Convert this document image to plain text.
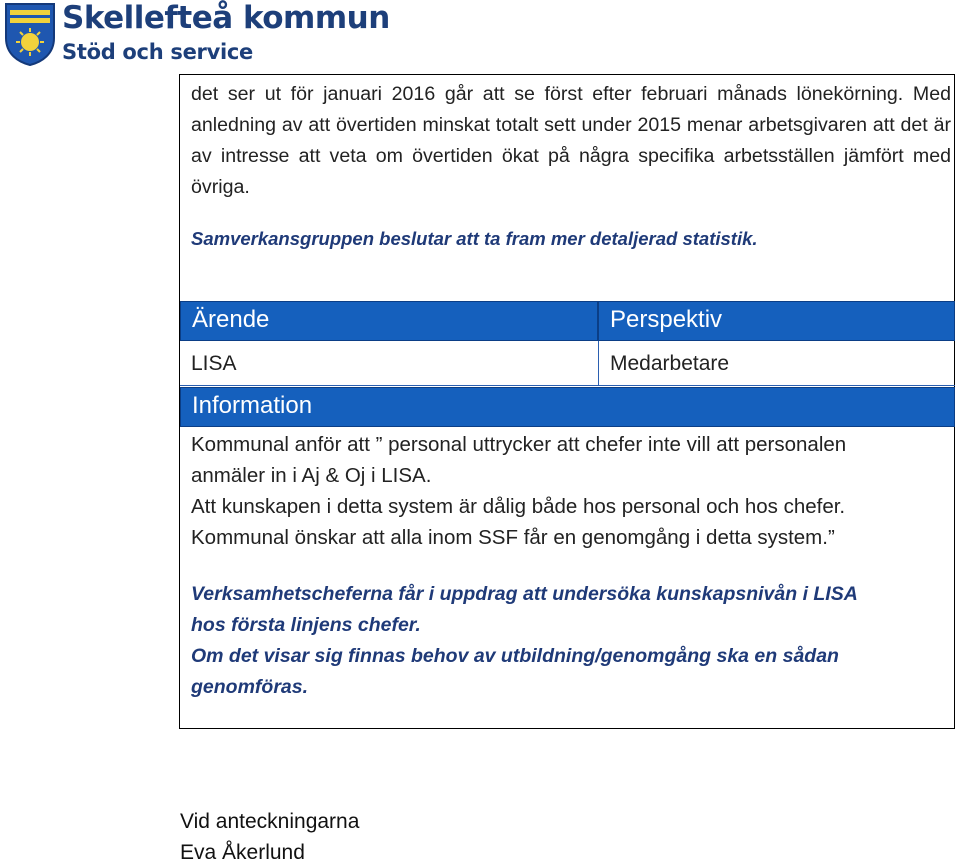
Skellefteå kommun
Stöd och service

det ser ut för januari 2016 går att se först efter februari månads lönekörning. Med anledning av att övertiden minskat totalt sett under 2015 menar arbetsgivaren att det är av intresse att veta om övertiden ökat på några specifika arbetsställen jämfört med övriga.

Samverkansgruppen beslutar att ta fram mer detaljerad statistik.
Ärende	Perspektiv
LISA	Medarbetare
Information
Kommunal anför att ” personal uttrycker att chefer inte vill att personalen
anmäler in i Aj & Oj i LISA.
Att kunskapen i detta system är dålig både hos personal och hos chefer.
Kommunal önskar att alla inom SSF får en genomgång i detta system.”
Verksamhetscheferna får i uppdrag att undersöka kunskapsnivån i LISA
hos första linjens chefer.
Om det visar sig finnas behov av utbildning/genomgång ska en sådan
genomföras.
Vid anteckningarna
Eva Åkerlund
